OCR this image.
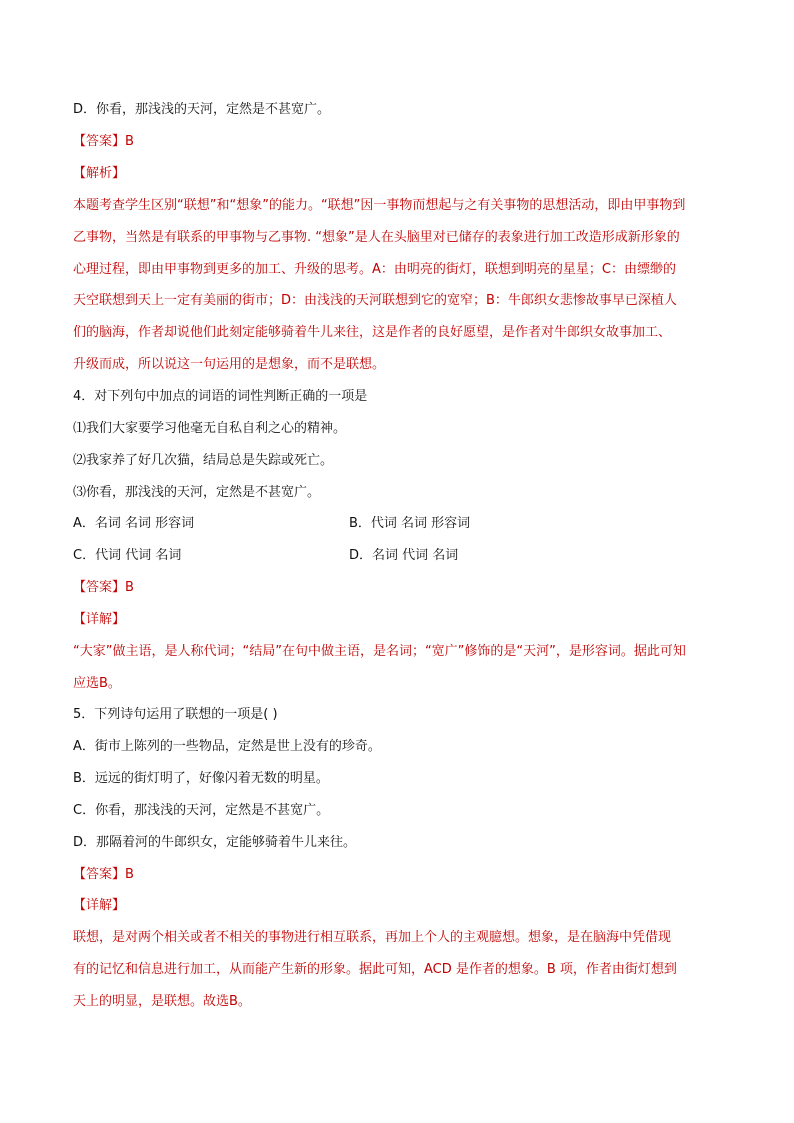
D．你看，那浅浅的天河，定然是不甚宽广。
【答案】B
【解析】
本题考查学生区别“联想”和“想象”的能力。“联想”因一事物而想起与之有关事物的思想活动，即由甲事物到
乙事物，当然是有联系的甲事物与乙事物. “想象”是人在头脑里对已储存的表象进行加工改造形成新形象的
心理过程，即由甲事物到更多的加工、升级的思考。A：由明亮的街灯，联想到明亮的星星；C：由缥缈的
天空联想到天上一定有美丽的街市；D：由浅浅的天河联想到它的宽窄；B：牛郎织女悲惨故事早已深植人
们的脑海，作者却说他们此刻定能够骑着牛儿来往，这是作者的良好愿望，是作者对牛郎织女故事加工、
升级而成，所以说这一句运用的是想象，而不是联想。
4．对下列句中加点的词语的词性判断正确的一项是
⑴我们大家要学习他毫无自私自利之心的精神。
⑵我家养了好几次猫，结局总是失踪或死亡。
⑶你看，那浅浅的天河，定然是不甚宽广。
A．名词 名词 形容词	B．代词 名词 形容词
C．代词 代词 名词	D．名词 代词 名词
【答案】B
【详解】
“大家”做主语，是人称代词；“结局”在句中做主语，是名词；“宽广”修饰的是“天河”，是形容词。据此可知
应选B。
5．下列诗句运用了联想的一项是( )
A．街市上陈列的一些物品，定然是世上没有的珍奇。
B．远远的街灯明了，好像闪着无数的明星。
C．你看，那浅浅的天河，定然是不甚宽广。
D．那隔着河的牛郎织女，定能够骑着牛儿来往。
【答案】B
【详解】
联想，是对两个相关或者不相关的事物进行相互联系，再加上个人的主观臆想。想象，是在脑海中凭借现
有的记忆和信息进行加工，从而能产生新的形象。据此可知，ACD 是作者的想象。B 项，作者由街灯想到
天上的明显，是联想。故选B。
